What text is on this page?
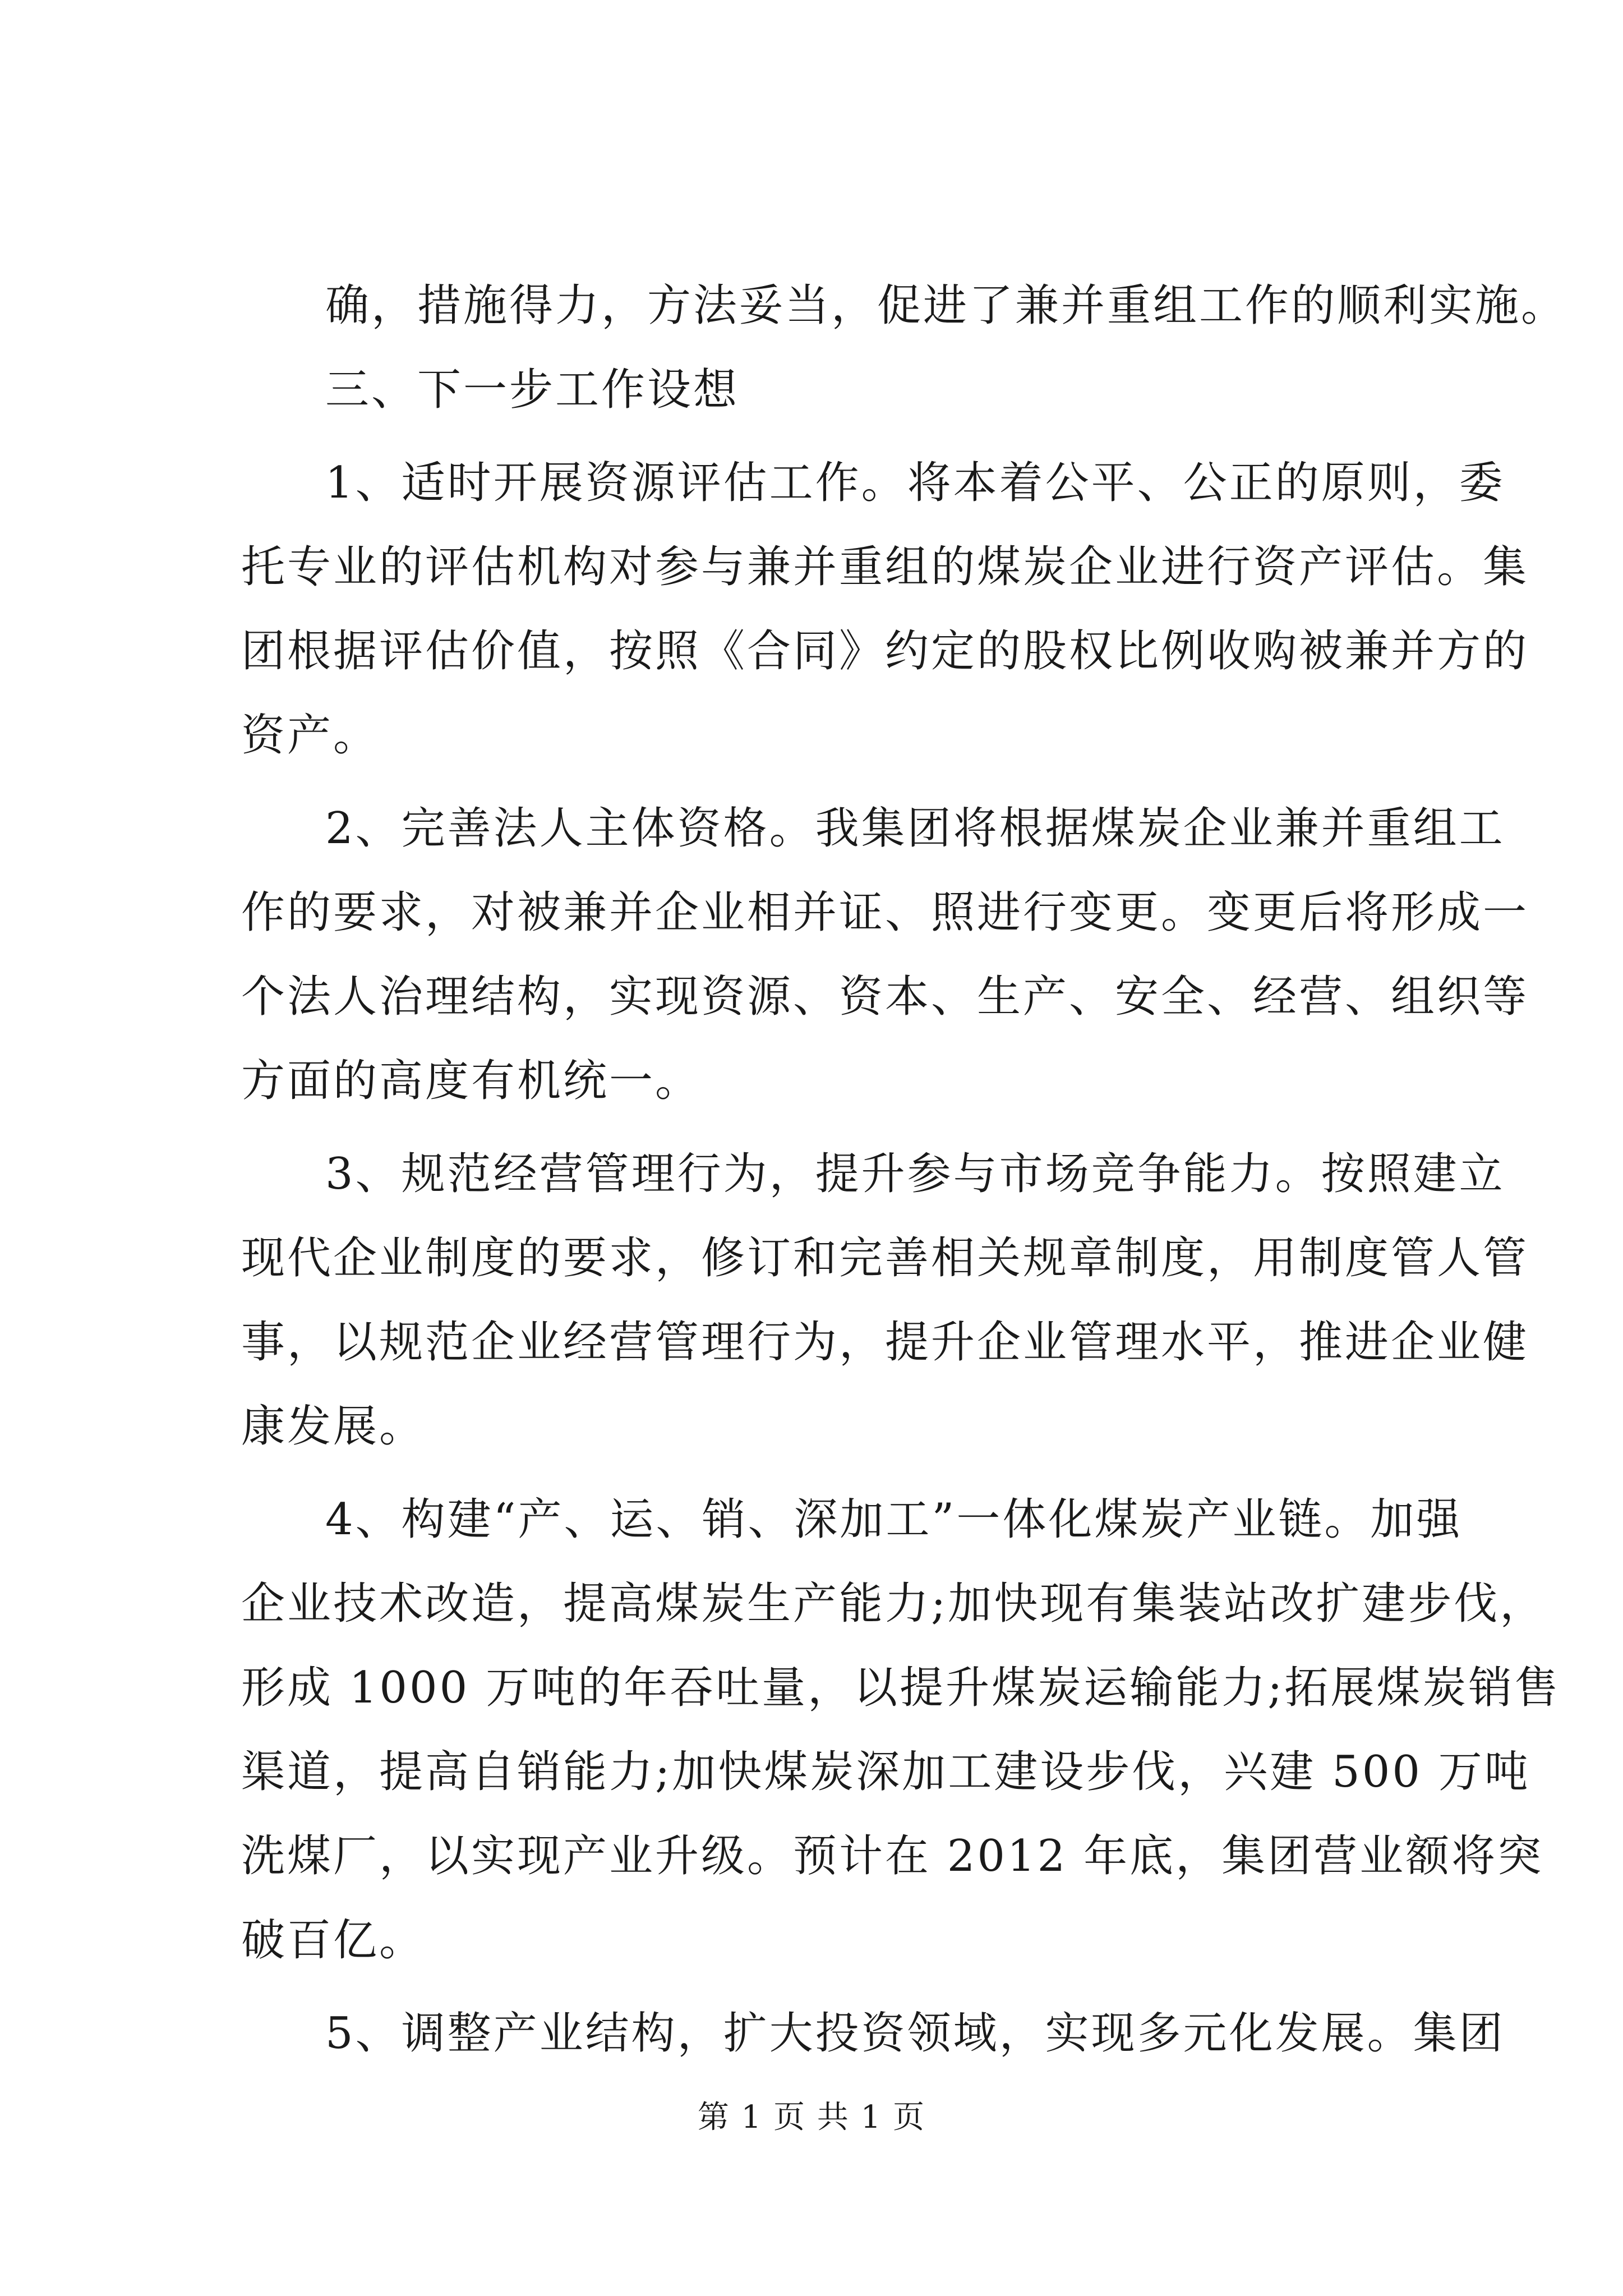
确，措施得力，方法妥当，促进了兼并重组工作的顺利实施。
三、下一步工作设想
1、适时开展资源评估工作。将本着公平、公正的原则，委
托专业的评估机构对参与兼并重组的煤炭企业进行资产评估。集
团根据评估价值，按照《合同》约定的股权比例收购被兼并方的
资产。
2、完善法人主体资格。我集团将根据煤炭企业兼并重组工
作的要求，对被兼并企业相并证、照进行变更。变更后将形成一
个法人治理结构，实现资源、资本、生产、安全、经营、组织等
方面的高度有机统一。
3、规范经营管理行为，提升参与市场竞争能力。按照建立
现代企业制度的要求，修订和完善相关规章制度，用制度管人管
事，以规范企业经营管理行为，提升企业管理水平，推进企业健
康发展。
4、构建“产、运、销、深加工”一体化煤炭产业链。加强
企业技术改造，提高煤炭生产能力;加快现有集装站改扩建步伐，
形成 1000 万吨的年吞吐量，以提升煤炭运输能力;拓展煤炭销售
渠道，提高自销能力;加快煤炭深加工建设步伐，兴建 500 万吨
洗煤厂，以实现产业升级。预计在 2012 年底，集团营业额将突
破百亿。
5、调整产业结构，扩大投资领域，实现多元化发展。集团
第 1 页 共 1 页
